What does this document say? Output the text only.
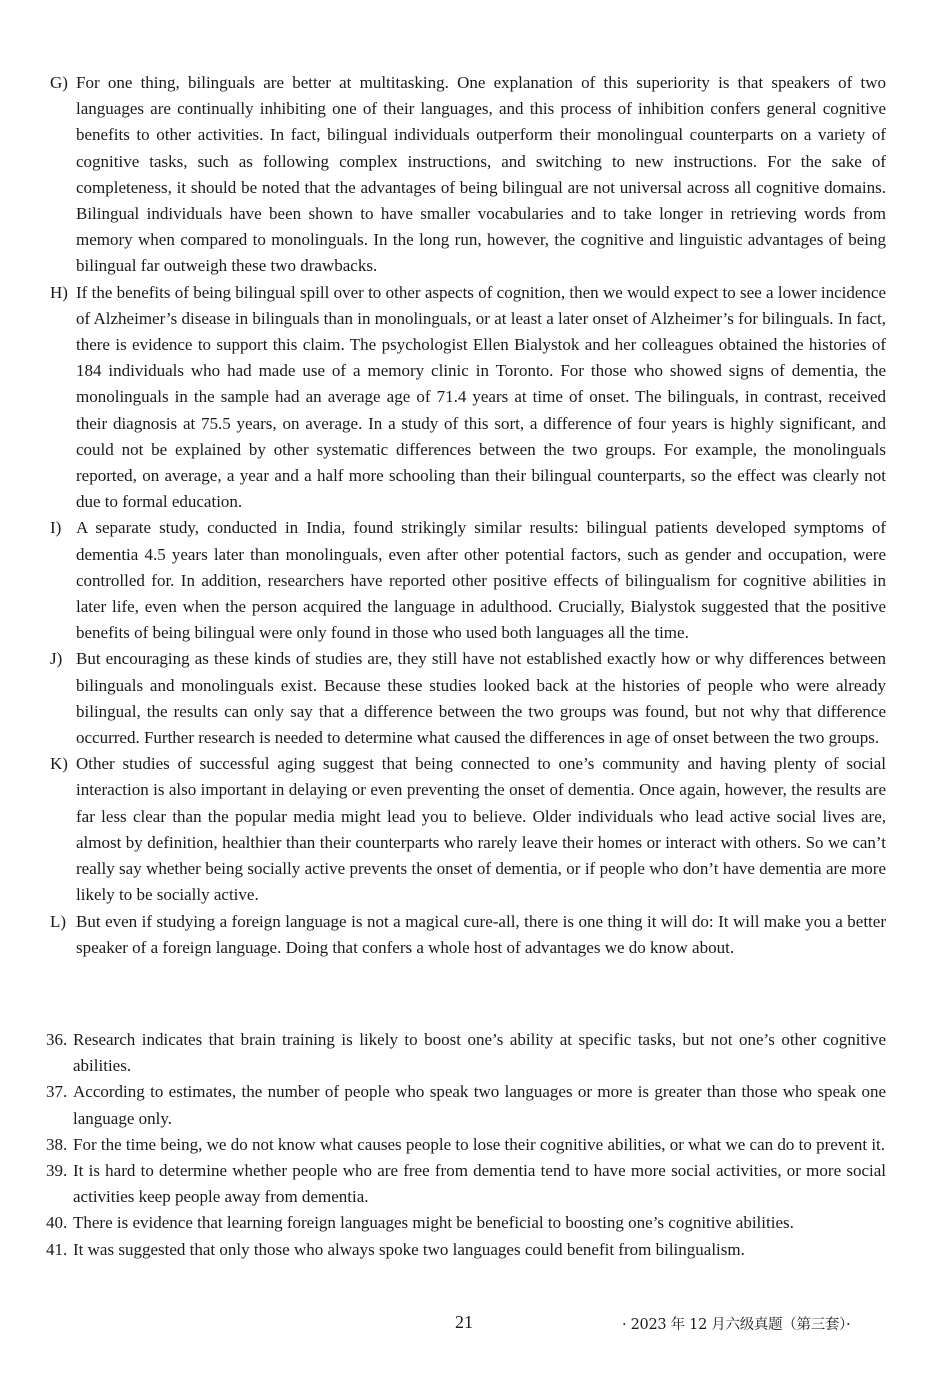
G) For one thing, bilinguals are better at multitasking. One explanation of this superiority is that speakers of two languages are continually inhibiting one of their languages, and this process of inhibition confers general cognitive benefits to other activities. In fact, bilingual individuals outperform their monolingual counterparts on a variety of cognitive tasks, such as following complex instructions, and switching to new instructions. For the sake of completeness, it should be noted that the advantages of being bilingual are not universal across all cognitive domains. Bilingual individuals have been shown to have smaller vocabularies and to take longer in retrieving words from memory when compared to monolinguals. In the long run, however, the cognitive and linguistic advantages of being bilingual far outweigh these two drawbacks.
H) If the benefits of being bilingual spill over to other aspects of cognition, then we would expect to see a lower incidence of Alzheimer’s disease in bilinguals than in monolinguals, or at least a later onset of Alzheimer’s for bilinguals. In fact, there is evidence to support this claim. The psychologist Ellen Bialystok and her colleagues obtained the histories of 184 individuals who had made use of a memory clinic in Toronto. For those who showed signs of dementia, the monolinguals in the sample had an average age of 71.4 years at time of onset. The bilinguals, in contrast, received their diagnosis at 75.5 years, on average. In a study of this sort, a difference of four years is highly significant, and could not be explained by other systematic differences between the two groups. For example, the monolinguals reported, on average, a year and a half more schooling than their bilingual counterparts, so the effect was clearly not due to formal education.
I) A separate study, conducted in India, found strikingly similar results: bilingual patients developed symptoms of dementia 4.5 years later than monolinguals, even after other potential factors, such as gender and occupation, were controlled for. In addition, researchers have reported other positive effects of bilingualism for cognitive abilities in later life, even when the person acquired the language in adulthood. Crucially, Bialystok suggested that the positive benefits of being bilingual were only found in those who used both languages all the time.
J) But encouraging as these kinds of studies are, they still have not established exactly how or why differences between bilinguals and monolinguals exist. Because these studies looked back at the histories of people who were already bilingual, the results can only say that a difference between the two groups was found, but not why that difference occurred. Further research is needed to determine what caused the differences in age of onset between the two groups.
K) Other studies of successful aging suggest that being connected to one’s community and having plenty of social interaction is also important in delaying or even preventing the onset of dementia. Once again, however, the results are far less clear than the popular media might lead you to believe. Older individuals who lead active social lives are, almost by definition, healthier than their counterparts who rarely leave their homes or interact with others. So we can’t really say whether being socially active prevents the onset of dementia, or if people who don’t have dementia are more likely to be socially active.
L) But even if studying a foreign language is not a magical cure-all, there is one thing it will do: It will make you a better speaker of a foreign language. Doing that confers a whole host of advantages we do know about.
36. Research indicates that brain training is likely to boost one’s ability at specific tasks, but not one’s other cognitive abilities.
37. According to estimates, the number of people who speak two languages or more is greater than those who speak one language only.
38. For the time being, we do not know what causes people to lose their cognitive abilities, or what we can do to prevent it.
39. It is hard to determine whether people who are free from dementia tend to have more social activities, or more social activities keep people away from dementia.
40. There is evidence that learning foreign languages might be beneficial to boosting one’s cognitive abilities.
41. It was suggested that only those who always spoke two languages could benefit from bilingualism.
21	· 2023 年 12 月六级真题（第三套）·
